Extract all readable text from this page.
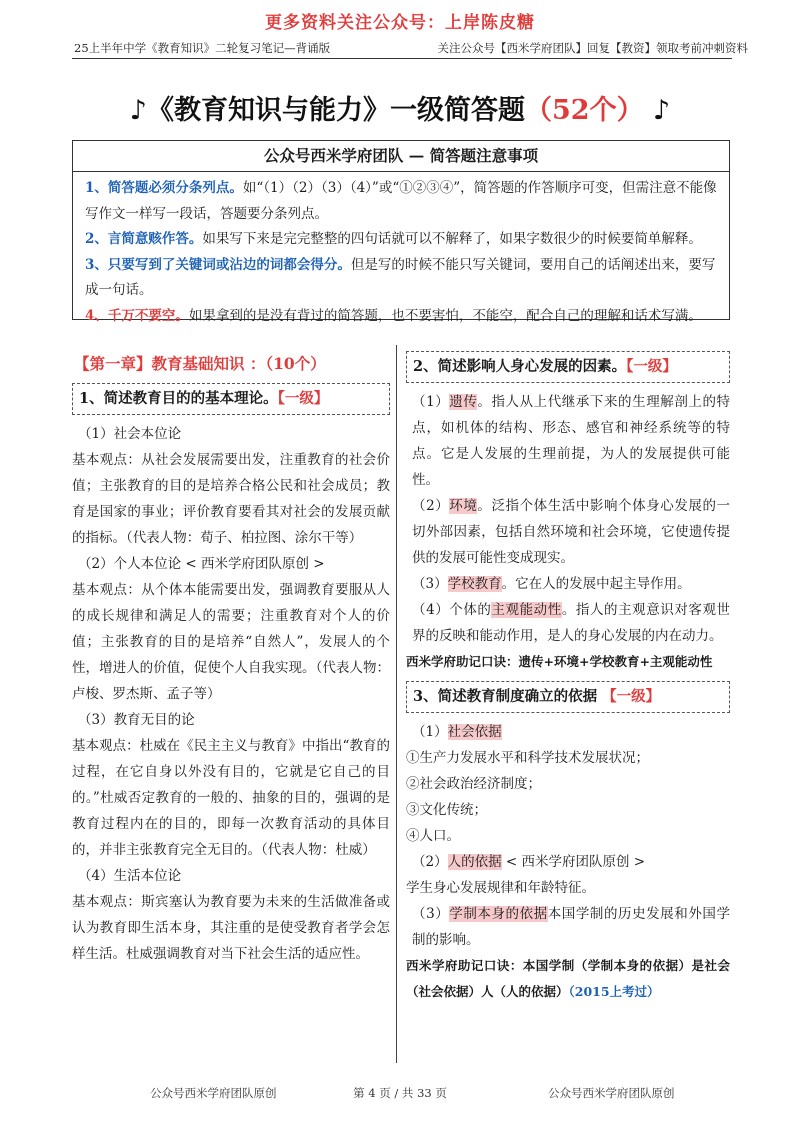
更多资料关注公众号：上岸陈皮糖
25上半年中学《教育知识》二轮复习笔记—背诵版	关注公众号【西米学府团队】回复【教资】领取考前冲刺资料
♪《教育知识与能力》一级简答题（52个） ♪
公众号西米学府团队 — 简答题注意事项
1、简答题必须分条列点。如“（1）（2）（3）（4）”或“①②③④”，简答题的作答顺序可变，但需注意不能像写作文一样写一段话，答题要分条列点。
2、言简意赅作答。如果写下来是完完整整的四句话就可以不解释了，如果字数很少的时候要简单解释。
3、只要写到了关键词或沾边的词都会得分。但是写的时候不能只写关键词，要用自己的话阐述出来，要写成一句话。
4、千万不要空。如果拿到的是没有背过的简答题，也不要害怕，不能空，配合自己的理解和话术写满。
【第一章】教育基础知识 ：（10个）
1、简述教育目的的基本理论。【一级】

（1）社会本位论

基本观点：从社会发展需要出发，注重教育的社会价值；主张教育的目的是培养合格公民和社会成员；教育是国家的事业；评价教育要看其对社会的发展贡献的指标。（代表人物：荀子、柏拉图、涂尔干等）

（2）个人本位论 < 西米学府团队原创 >

基本观点：从个体本能需要出发，强调教育要服从人的成长规律和满足人的需要；注重教育对个人的价值；主张教育的目的是培养“自然人”，发展人的个性，增进人的价值，促使个人自我实现。（代表人物：卢梭、罗杰斯、孟子等）

（3）教育无目的论

基本观点：杜威在《民主主义与教育》中指出“教育的过程，在它自身以外没有目的，它就是它自己的目的。”杜威否定教育的一般的、抽象的目的，强调的是教育过程内在的目的，即每一次教育活动的具体目的，并非主张教育完全无目的。（代表人物：杜威）

（4）生活本位论

基本观点：斯宾塞认为教育要为未来的生活做准备或认为教育即生活本身，其注重的是使受教育者学会怎样生活。杜威强调教育对当下社会生活的适应性。

2、简述影响人身心发展的因素。【一级】

（1）遗传。指人从上代继承下来的生理解剖上的特点，如机体的结构、形态、感官和神经系统等的特点。它是人发展的生理前提，为人的发展提供可能性。

（2）环境。泛指个体生活中影响个体身心发展的一切外部因素，包括自然环境和社会环境，它使遗传提供的发展可能性变成现实。

（3）学校教育。它在人的发展中起主导作用。

（4）个体的主观能动性。指人的主观意识对客观世界的反映和能动作用，是人的身心发展的内在动力。

西米学府助记口诀：遗传+环境+学校教育+主观能动性

3、简述教育制度确立的依据 【一级】

（1）社会依据

①生产力发展水平和科学技术发展状况；

②社会政治经济制度；

③文化传统；

④人口。

（2）人的依据 < 西米学府团队原创 >

学生身心发展规律和年龄特征。

（3）学制本身的依据本国学制的历史发展和外国学制的影响。

西米学府助记口诀：本国学制（学制本身的依据）是社会（社会依据）人（人的依据）（2015上考过）

公众号西米学府团队原创	第 4 页 / 共 33 页	公众号西米学府团队原创
